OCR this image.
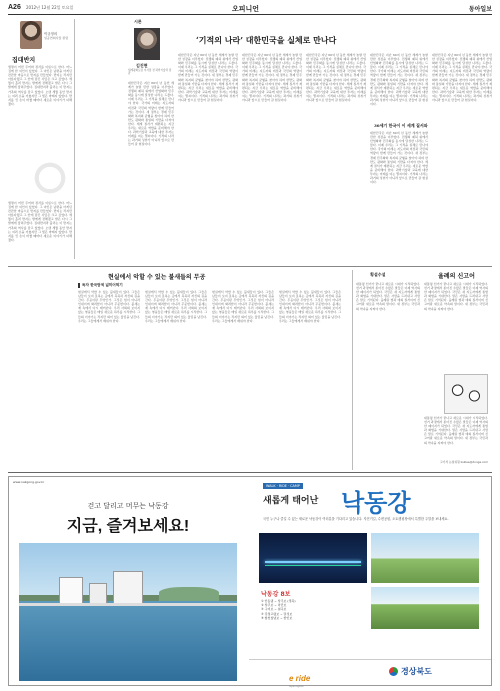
A26 2012년 12월 22일 토요일	오피니언	동아일보
이규정의
일공연회사장 칼럼
집대반지
생명이 어떤 주어와 정서를 이름으로 한다. 어느 집에 한 여인이 있었다. 그 여인은 남편을 아끼던 잔잔한 마음으로 반지를 만들었다. 반지는 작지만 아름다웠고 그 안에 담긴 사랑은 크고 깊었다. 세월이 흘러 반지는 딸에게 전해졌고 딸은 다시 그 딸에게 물려주었다. 집대반지라 불리는 이 반지는 가족의 역사를 담고 있었다. 오랜 세월 동안 반지는 여러 손을 거쳤지만 그 빛은 바래지 않았다. 반지를 낀 손이 바뀔 때마다 새로운 이야기가 더해졌다.
생명이 어떤 주어와 정서를 이름으로 한다. 어느 집에 한 여인이 있었다. 그 여인은 남편을 아끼던 잔잔한 마음으로 반지를 만들었다. 반지는 작지만 아름다웠고 그 안에 담긴 사랑은 크고 깊었다. 세월이 흘러 반지는 딸에게 전해졌고 딸은 다시 그 딸에게 물려주었다. 집대반지라 불리는 이 반지는 가족의 역사를 담고 있었다. 오랜 세월 동안 반지는 여러 손을 거쳤지만 그 빛은 바래지 않았다. 반지를 낀 손이 바뀔 때마다 새로운 이야기가 더해졌다.
시론
김진현
세계평화포럼 이사장 전 과학기술처 장관
‘기적의 나라’ 대한민국을 실체로 만나다
대한민국은 지난 60여 년 동안 세계가 놀랄 만한 성장을 이루었다. 전쟁의 폐허 위에서 산업화와 민주화를 동시에 달성한 나라는 드물다. 이제 우리는 그 기적을 실체로 만나야 한다. 국가의 미래는 지도자의 비전과 국민의 역량이 함께 만들어 가는 것이다. 새 정부는 경제 민주화와 복지의 균형을 찾아야 하며 한반도 평화와 통일의 기반을 다져야 한다. 세계 질서가 재편되는 지금 우리는 새로운 역할을 준비해야 한다. 과학기술과 교육에 대한 투자는 미래를 여는 열쇠이다. 기적의 나라는 과거의 성취가 아니라 앞으로 만들어 갈 현실이다.
대한민국은 지난 60여 년 동안 세계가 놀랄 만한 성장을 이루었다. 전쟁의 폐허 위에서 산업화와 민주화를 동시에 달성한 나라는 드물다. 이제 우리는 그 기적을 실체로 만나야 한다. 국가의 미래는 지도자의 비전과 국민의 역량이 함께 만들어 가는 것이다. 새 정부는 경제 민주화와 복지의 균형을 찾아야 하며 한반도 평화와 통일의 기반을 다져야 한다. 세계 질서가 재편되는 지금 우리는 새로운 역할을 준비해야 한다. 과학기술과 교육에 대한 투자는 미래를 여는 열쇠이다. 기적의 나라는 과거의 성취가 아니라 앞으로 만들어 갈 현실이다.
대한민국은 지난 60여 년 동안 세계가 놀랄 만한 성장을 이루었다. 전쟁의 폐허 위에서 산업화와 민주화를 동시에 달성한 나라는 드물다. 이제 우리는 그 기적을 실체로 만나야 한다. 국가의 미래는 지도자의 비전과 국민의 역량이 함께 만들어 가는 것이다. 새 정부는 경제 민주화와 복지의 균형을 찾아야 하며 한반도 평화와 통일의 기반을 다져야 한다. 세계 질서가 재편되는 지금 우리는 새로운 역할을 준비해야 한다. 과학기술과 교육에 대한 투자는 미래를 여는 열쇠이다. 기적의 나라는 과거의 성취가 아니라 앞으로 만들어 갈 현실이다.
대한민국은 지난 60여 년 동안 세계가 놀랄 만한 성장을 이루었다. 전쟁의 폐허 위에서 산업화와 민주화를 동시에 달성한 나라는 드물다. 이제 우리는 그 기적을 실체로 만나야 한다. 국가의 미래는 지도자의 비전과 국민의 역량이 함께 만들어 가는 것이다. 새 정부는 경제 민주화와 복지의 균형을 찾아야 하며 한반도 평화와 통일의 기반을 다져야 한다. 세계 질서가 재편되는 지금 우리는 새로운 역할을 준비해야 한다. 과학기술과 교육에 대한 투자는 미래를 여는 열쇠이다. 기적의 나라는 과거의 성취가 아니라 앞으로 만들어 갈 현실이다.
30세기 한국이 이 세계 질서와
대한민국은 지난 60여 년 동안 세계가 놀랄 만한 성장을 이루었다. 전쟁의 폐허 위에서 산업화와 민주화를 동시에 달성한 나라는 드물다. 이제 우리는 그 기적을 실체로 만나야 한다. 국가의 미래는 지도자의 비전과 국민의 역량이 함께 만들어 가는 것이다. 새 정부는 경제 민주화와 복지의 균형을 찾아야 하며 한반도 평화와 통일의 기반을 다져야 한다. 세계 질서가 재편되는 지금 우리는 새로운 역할을 준비해야 한다. 과학기술과 교육에 대한 투자는 미래를 여는 열쇠이다. 기적의 나라는 과거의 성취가 아니라 앞으로 만들어 갈 현실이다.
대한민국은 지난 60여 년 동안 세계가 놀랄 만한 성장을 이루었다. 전쟁의 폐허 위에서 산업화와 민주화를 동시에 달성한 나라는 드물다. 이제 우리는 그 기적을 실체로 만나야 한다. 국가의 미래는 지도자의 비전과 국민의 역량이 함께 만들어 가는 것이다. 새 정부는 경제 민주화와 복지의 균형을 찾아야 하며 한반도 평화와 통일의 기반을 다져야 한다. 세계 질서가 재편되는 지금 우리는 새로운 역할을 준비해야 한다. 과학기술과 교육에 대한 투자는 미래를 여는 열쇠이다. 기적의 나라는 과거의 성취가 아니라 앞으로 만들어 갈 현실이다.
대한민국은 지난 60여 년 동안 세계가 놀랄 만한 성장을 이루었다. 전쟁의 폐허 위에서 산업화와 민주화를 동시에 달성한 나라는 드물다. 이제 우리는 그 기적을 실체로 만나야 한다. 국가의 미래는 지도자의 비전과 국민의 역량이 함께 만들어 가는 것이다. 새 정부는 경제 민주화와 복지의 균형을 찾아야 하며 한반도 평화와 통일의 기반을 다져야 한다. 세계 질서가 재편되는 지금 우리는 새로운 역할을 준비해야 한다. 과학기술과 교육에 대한 투자는 미래를 여는 열쇠이다. 기적의 나라는 과거의 성취가 아니라 앞으로 만들어 갈 현실이다.
현실에서 악할 수 있는 불새들의 무공
독자 한국탐색 넓히어먹기
현실에서 악할 수 있는 불새들이 있다. 그들은 남들이 보지 못하는 곳에서 묵묵히 자신의 길을 간다. 무공이란 무엇인가. 그것은 힘이 아니라 인내이며 화려함이 아니라 꾸준함이다. 불새는 재 속에서 다시 태어난다. 우리 사회의 보이지 않는 영웅들은 매일 새로운 하루를 시작한다. 그들의 이야기는 작지만 의미 있는 울림을 남긴다. 우리는 그들에게서 배워야 한다.
현실에서 악할 수 있는 불새들이 있다. 그들은 남들이 보지 못하는 곳에서 묵묵히 자신의 길을 간다. 무공이란 무엇인가. 그것은 힘이 아니라 인내이며 화려함이 아니라 꾸준함이다. 불새는 재 속에서 다시 태어난다. 우리 사회의 보이지 않는 영웅들은 매일 새로운 하루를 시작한다. 그들의 이야기는 작지만 의미 있는 울림을 남긴다. 우리는 그들에게서 배워야 한다.
현실에서 악할 수 있는 불새들이 있다. 그들은 남들이 보지 못하는 곳에서 묵묵히 자신의 길을 간다. 무공이란 무엇인가. 그것은 힘이 아니라 인내이며 화려함이 아니라 꾸준함이다. 불새는 재 속에서 다시 태어난다. 우리 사회의 보이지 않는 영웅들은 매일 새로운 하루를 시작한다. 그들의 이야기는 작지만 의미 있는 울림을 남긴다. 우리는 그들에게서 배워야 한다.
현실에서 악할 수 있는 불새들이 있다. 그들은 남들이 보지 못하는 곳에서 묵묵히 자신의 길을 간다. 무공이란 무엇인가. 그것은 힘이 아니라 인내이며 화려함이 아니라 꾸준함이다. 불새는 재 속에서 다시 태어난다. 우리 사회의 보이지 않는 영웅들은 매일 새로운 하루를 시작한다. 그들의 이야기는 작지만 의미 있는 울림을 남긴다. 우리는 그들에게서 배워야 한다.
횡설수설	율례의 신고어
대통령 선거가 끝나고 새로운 시대가 시작되었다. 선거 과정에서 쏟아진 수많은 말들은 이제 역사의 한 페이지가 되었다. 국민은 새 지도자에게 통합과 화합을 기대한다. 말은 사람을 드러내고 사람은 말로 기억된다. 율례란 법과 예의 질서이며 신고어란 새로운 약속의 말이다. 새 정부는 국민과의 약속을 지켜야 한다.
대통령 선거가 끝나고 새로운 시대가 시작되었다. 선거 과정에서 쏟아진 수많은 말들은 이제 역사의 한 페이지가 되었다. 국민은 새 지도자에게 통합과 화합을 기대한다. 말은 사람을 드러내고 사람은 말로 기억된다. 율례란 법과 예의 질서이며 신고어란 새로운 약속의 말이다. 새 정부는 국민과의 약속을 지켜야 한다.
대통령 선거가 끝나고 새로운 시대가 시작되었다. 선거 과정에서 쏟아진 수많은 말들은 이제 역사의 한 페이지가 되었다. 국민은 새 지도자에게 통합과 화합을 기대한다. 말은 사람을 드러내고 사람은 말로 기억된다. 율례란 법과 예의 질서이며 신고어란 새로운 약속의 말이다. 새 정부는 국민과의 약속을 지켜야 한다.
고기석 논설위원 ksklee@donga.com
www.nakgong.gov.kr
걷고 달리고 머무는 낙동강
지금, 즐겨보세요!
WALK · RIDE · CAMP
새롭게 태어난 낙동강
국민 누구나 즐길 수 있는 새로운 낙동강이 여러분을 기다리고 있습니다. 자전거길, 수변공원, 오토캠핑장에서 특별한 주말을 보내세요.
낙동강 8보
① 안동댐 ~ 상주보 (경북)
② 상주보 ~ 낙단보
③ 구미보 ~ 칠곡보
④ 강정고령보 ~ 달성보
⑤ 합천창녕보 ~ 함안보
e ride
Gyeongbuk
경상북도
